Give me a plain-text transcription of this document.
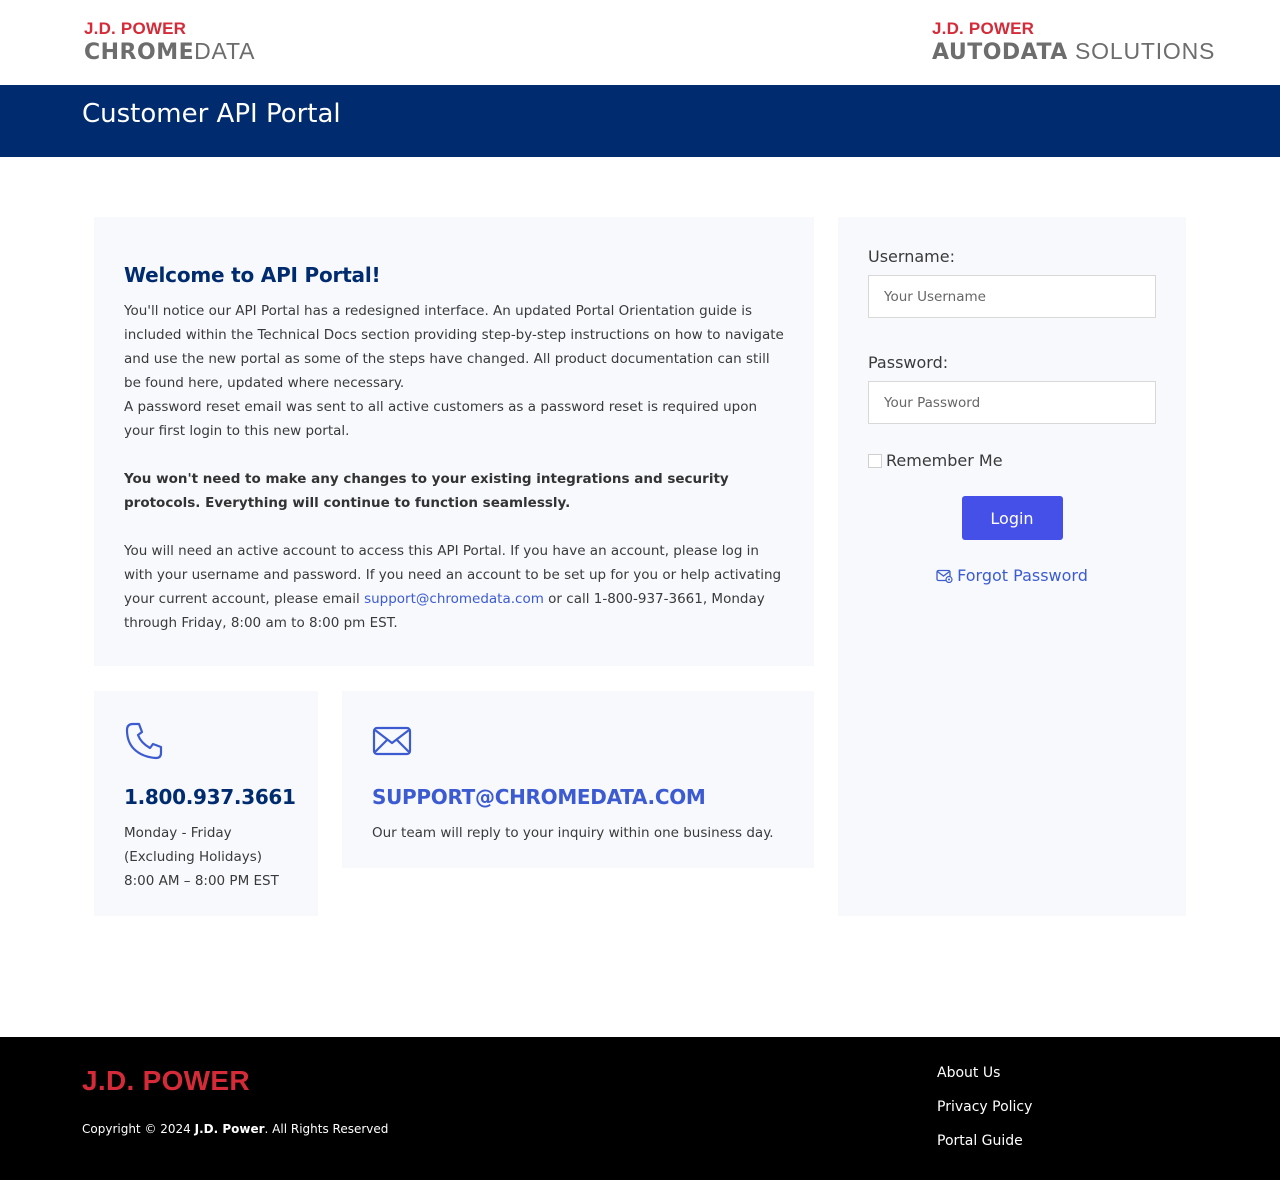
J.D. POWER
CHROMEDATA
J.D. POWER
AUTODATA SOLUTIONS
Customer API Portal
Welcome to API Portal!

You'll notice our API Portal has a redesigned interface. An updated Portal Orientation guide is included within the Technical Docs section providing step-by-step instructions on how to navigate and use the new portal as some of the steps have changed. All product documentation can still be found here, updated where necessary.

A password reset email was sent to all active customers as a password reset is required upon your first login to this new portal.

You won't need to make any changes to your existing integrations and security protocols. Everything will continue to function seamlessly.

You will need an active account to access this API Portal. If you have an account, please log in with your username and password. If you need an account to be set up for you or help activating your current account, please email support@chromedata.com or call 1-800-937-3661, Monday through Friday, 8:00 am to 8:00 pm EST.

1.800.937.3661
Monday - Friday
(Excluding Holidays)
8:00 AM – 8:00 PM EST
SUPPORT@CHROMEDATA.COM
Our team will reply to your inquiry within one business day.
Username:
Your Username
Password:
Remember Me
Login
Forgot Password
J.D. POWER
Copyright © 2024 J.D. Power. All Rights Reserved
About Us
Privacy Policy
Portal Guide
